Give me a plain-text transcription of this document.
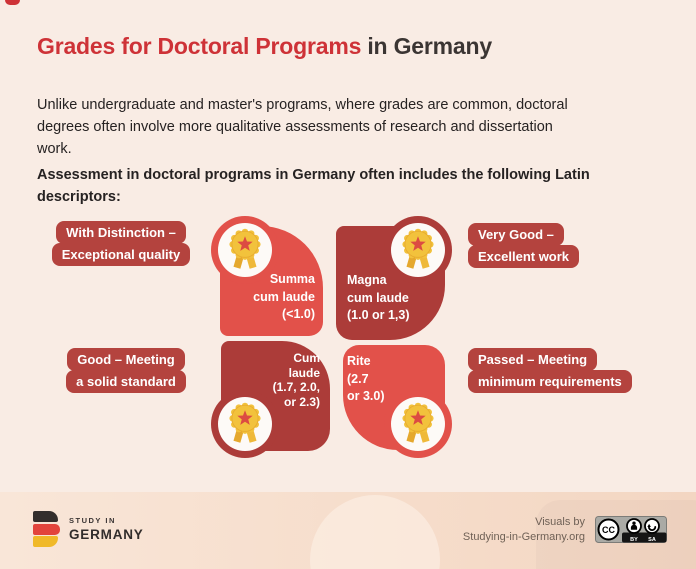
Grades for Doctoral Programs in Germany

Unlike undergraduate and master's programs, where grades are common, doctoral
degrees often involve more qualitative assessments of research and dissertation
work.

Assessment in doctoral programs in Germany often includes the following Latin
descriptors:

With Distinction –
Exceptional quality
Very Good –
Excellent work
Good – Meeting
a solid standard
Passed – Meeting
minimum requirements
Summa
cum laude
(<1.0)
Magna
cum laude
(1.0 or 1,3)
Cum
laude
(1.7, 2.0,
or 2.3)
Rite
(2.7
or 3.0)
STUDY IN
GERMANY
Visuals by
Studying-in-Germany.org
CC
BY SA
